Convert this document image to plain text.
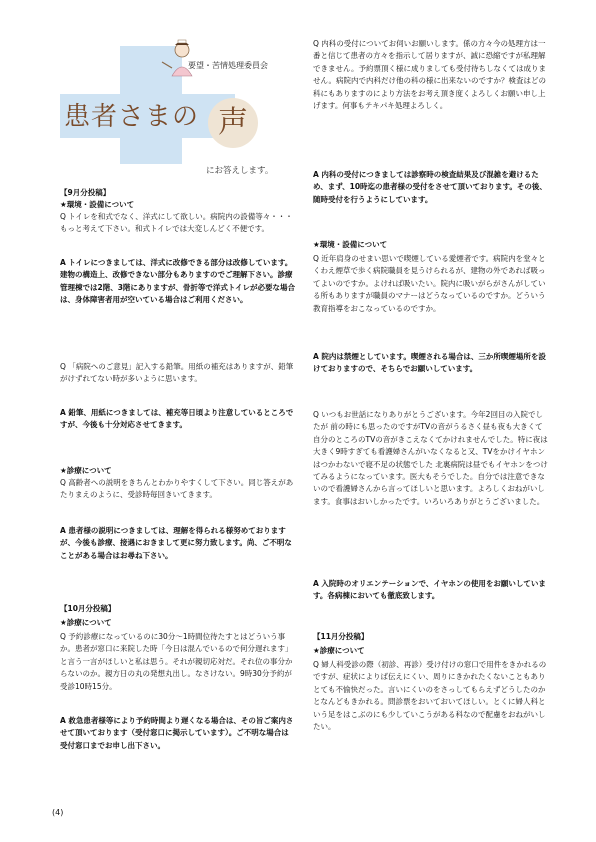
要望・苦情処理委員会
患者さまの 声
にお答えします。

【9月分投稿】

★環境・設備について

Q トイレを和式でなく、洋式にして欲しい。病院内の設備等々・・・もっと考えて下さい。和式トイレでは大変しんどく不便です。

A トイレにつきましては、洋式に改修できる部分は改修しています。建物の構造上、改修できない部分もありますのでご理解下さい。診療管理棟では2階、3階にありますが、骨折等で洋式トイレが必要な場合は、身体障害者用が空いている場合はご利用ください。

Q 「病院へのご意見」記入する鉛筆。用紙の補充はありますが、鉛筆がけずれてない時が多いように思います。

A 鉛筆、用紙につきましては、補充等日頃より注意しているところですが、今後も十分対応させてきます。

★診療について

Q 高齢者への説明をきちんとわかりやすくして下さい。同じ答えがあたりまえのように、受診時毎回きいてきます。

A 患者様の説明につきましては、理解を得られる様努めておりますが、今後も診療、接遇におきまして更に努力致します。尚、ご不明なことがある場合はお尋ね下さい。

【10月分投稿】

★診療について

Q 予約診療になっているのに30分～1時間位待たすとはどういう事か。患者が窓口に来院した時「今日は混んでいるので何分遅れます」と言う一言がほしいと私は思う。それが親切応対だ。それ位の事分からないのか。親方日の丸の発想丸出し。なさけない。9時30分予約が受診10時15分。

A 救急患者様等により予約時間より遅くなる場合は、その旨ご案内させて頂いております（受付窓口に掲示しています）。ご不明な場合は受付窓口までお申し出下さい。

Q 内科の受付についてお伺いお願いします。係の方々今の処理方は一番と信じて患者の方々を指示して居りますが、誠に恐縮ですが私理解できません。予約票頂く様に成りましても受付待ちしなくては成りません。病院内で内科だけ他の科の様に出来ないのですか？検査はどの科にもありますのにより方法をお考え頂き度くよろしくお願い申し上げます。何事もテキパキ処理よろしく。

A 内科の受付につきましては診察時の検査結果及び混雑を避けるため、まず、10時迄の患者様の受付をさせて頂いております。その後、随時受付を行うようにしています。

★環境・設備について

Q 近年肩身のせまい思いで喫煙している愛煙者です。病院内を堂々とくわえ煙草で歩く病院職員を見うけられるが、建物の外であれば吸ってよいのですか。よければ吸いたい。院内に吸いがらがさんがしている所もありますが職員のマナーはどうなっているのですか。どういう教育指導をおこなっているのですか。

A 院内は禁煙としています。喫煙される場合は、三か所喫煙場所を設けておりますので、そちらでお願いしています。

Q いつもお世話になりありがとうございます。今年2回目の入院でしたが 前の時にも思ったのですがTVの音がうるさく昼も夜も大きくて自分のところのTVの音がきこえなくてかけれませんでした。特に夜は大きく9時すぎても看護婦さんがいなくなると又、TVをかけイヤホンはつかわないで寝不足の状態でした 北裏病院は昼でもイヤホンをつけてみるようになっています。医大もそうでした。自分では注意できないので看護婦さんから言ってほしいと思います。よろしくおねがいします。食事はおいしかったです。いろいろありがとうございました。

A 入院時のオリエンテーションで、イヤホンの使用をお願いしています。各病棟においても徹底致します。

【11月分投稿】

★診療について

Q 婦人科受診の際（初診、再診）受け付けの窓口で用件をきかれるのですが、症状によりば伝えにくい、周りにきかれたくないこともありとても不愉快だった。言いにくいのをさっしてもらえずどうしたのかとなんどもきかれる。問診票をおいておいてほしい。とくに婦人科という足をはこぶのにも少していこうがある科なので配慮をおねがいしたい。

(4)
